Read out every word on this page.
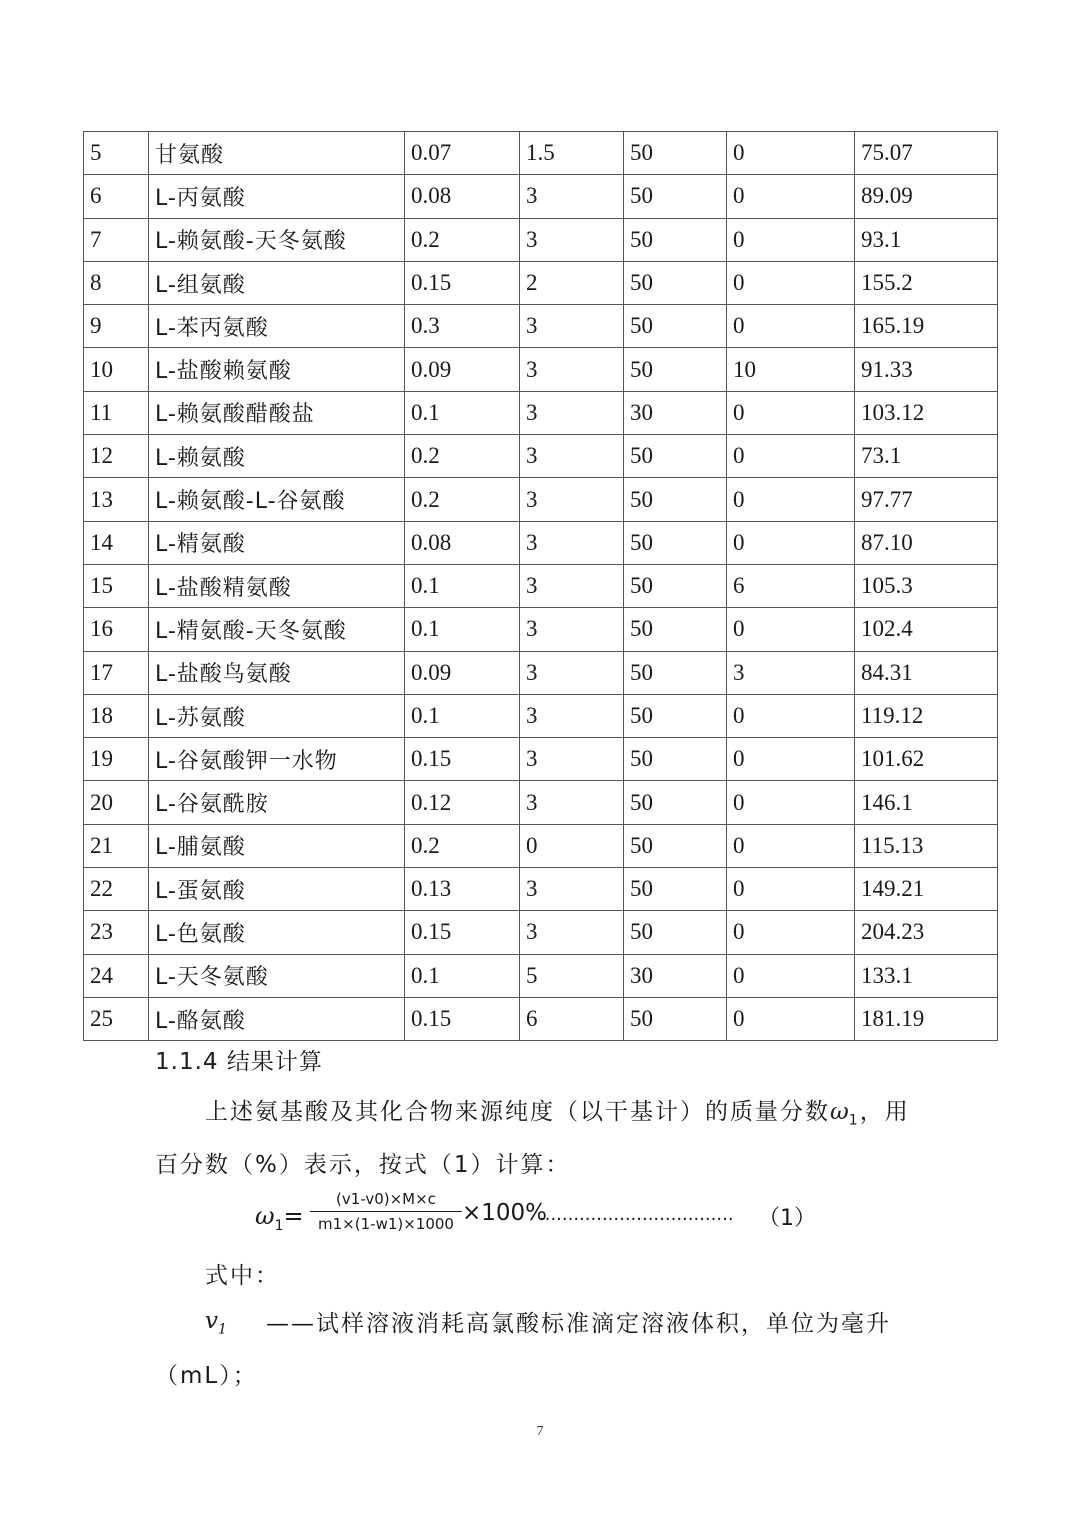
5	甘氨酸	0.07	1.5	50	0	75.07
6	L-丙氨酸	0.08	3	50	0	89.09
7	L-赖氨酸-天冬氨酸	0.2	3	50	0	93.1
8	L-组氨酸	0.15	2	50	0	155.2
9	L-苯丙氨酸	0.3	3	50	0	165.19
10	L-盐酸赖氨酸	0.09	3	50	10	91.33
11	L-赖氨酸醋酸盐	0.1	3	30	0	103.12
12	L-赖氨酸	0.2	3	50	0	73.1
13	L-赖氨酸-L-谷氨酸	0.2	3	50	0	97.77
14	L-精氨酸	0.08	3	50	0	87.10
15	L-盐酸精氨酸	0.1	3	50	6	105.3
16	L-精氨酸-天冬氨酸	0.1	3	50	0	102.4
17	L-盐酸鸟氨酸	0.09	3	50	3	84.31
18	L-苏氨酸	0.1	3	50	0	119.12
19	L-谷氨酸钾一水物	0.15	3	50	0	101.62
20	L-谷氨酰胺	0.12	3	50	0	146.1
21	L-脯氨酸	0.2	0	50	0	115.13
22	L-蛋氨酸	0.13	3	50	0	149.21
23	L-色氨酸	0.15	3	50	0	204.23
24	L-天冬氨酸	0.1	5	30	0	133.1
25	L-酪氨酸	0.15	6	50	0	181.19
1.1.4 结果计算
上述氨基酸及其化合物来源纯度（以干基计）的质量分数$\omega_1$，用
百分数（%）表示，按式（1）计算：
$\omega_1= \frac{(v1-v0)\times M\times c}{m1\times(1-w1)\times 1000} \times 100\%$
.................................. （1）
式中：
$v_1$ ——试样溶液消耗高氯酸标准滴定溶液体积，单位为毫升
（mL）；
7
